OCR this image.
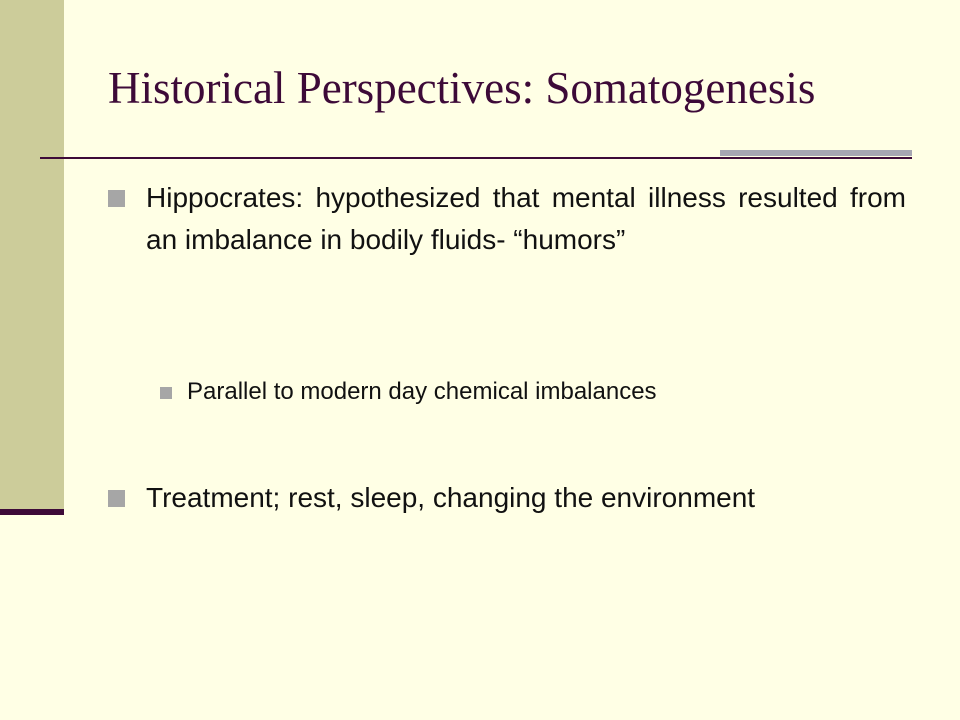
Historical Perspectives: Somatogenesis
Hippocrates: hypothesized that mental illness resulted from an imbalance in bodily fluids- “humors”
Parallel to modern day chemical imbalances
Treatment; rest, sleep, changing the environment
